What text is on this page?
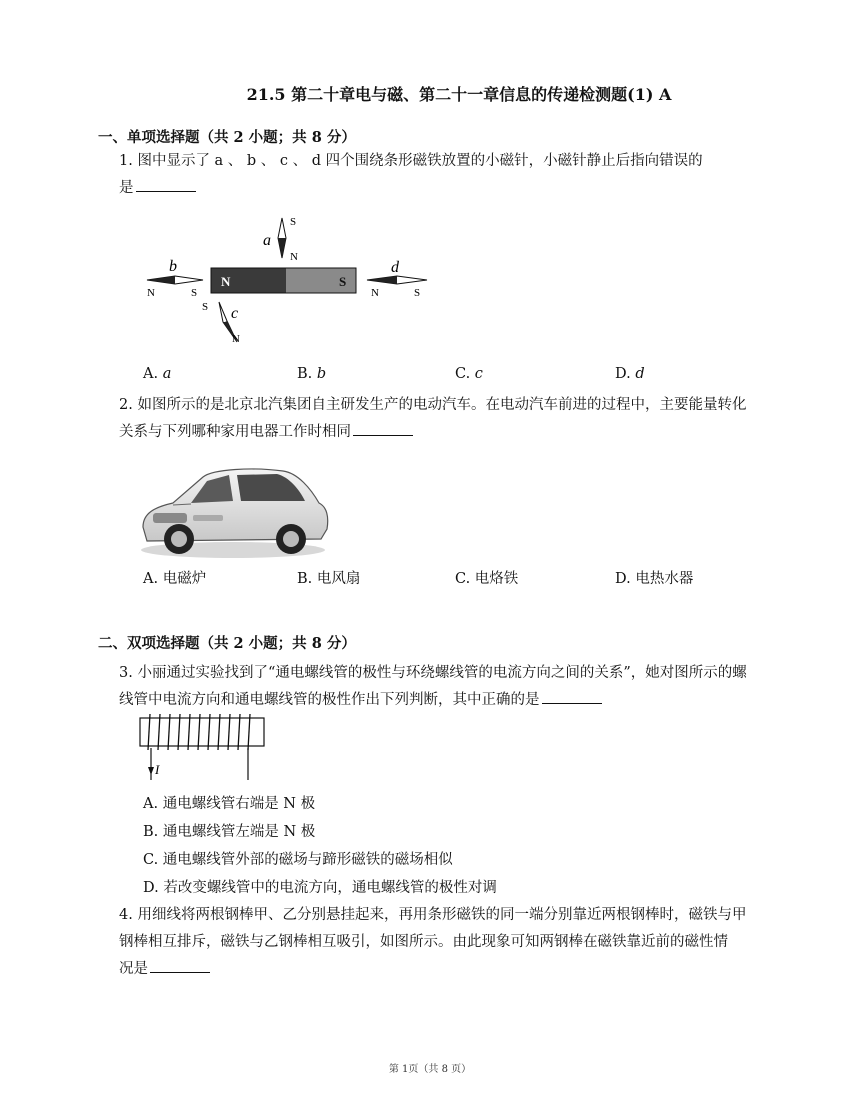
21.5 第二十章电与磁、第二十一章信息的传递检测题(1) A
一、单项选择题（共 2 小题；共 8 分）
1. 图中显示了 a 、 b 、 c 、 d 四个围绕条形磁铁放置的小磁针，小磁针静止后指向错误的
是
N	S
a
S
N
b
N	S
c
S
N
d
N	S
A. a	B. b	C. c	D. d
2. 如图所示的是北京北汽集团自主研发生产的电动汽车。在电动汽车前进的过程中，主要能量转化
关系与下列哪种家用电器工作时相同
A. 电磁炉	B. 电风扇	C. 电烙铁	D. 电热水器
二、双项选择题（共 2 小题；共 8 分）
3. 小丽通过实验找到了“通电螺线管的极性与环绕螺线管的电流方向之间的关系”，她对图所示的螺
线管中电流方向和通电螺线管的极性作出下列判断，其中正确的是
I
A. 通电螺线管右端是 N 极
B. 通电螺线管左端是 N 极
C. 通电螺线管外部的磁场与蹄形磁铁的磁场相似
D. 若改变螺线管中的电流方向，通电螺线管的极性对调
4. 用细线将两根钢棒甲、乙分别悬挂起来，再用条形磁铁的同一端分别靠近两根钢棒时，磁铁与甲
钢棒相互排斥，磁铁与乙钢棒相互吸引，如图所示。由此现象可知两钢棒在磁铁靠近前的磁性情
况是
第 1页（共 8 页）
